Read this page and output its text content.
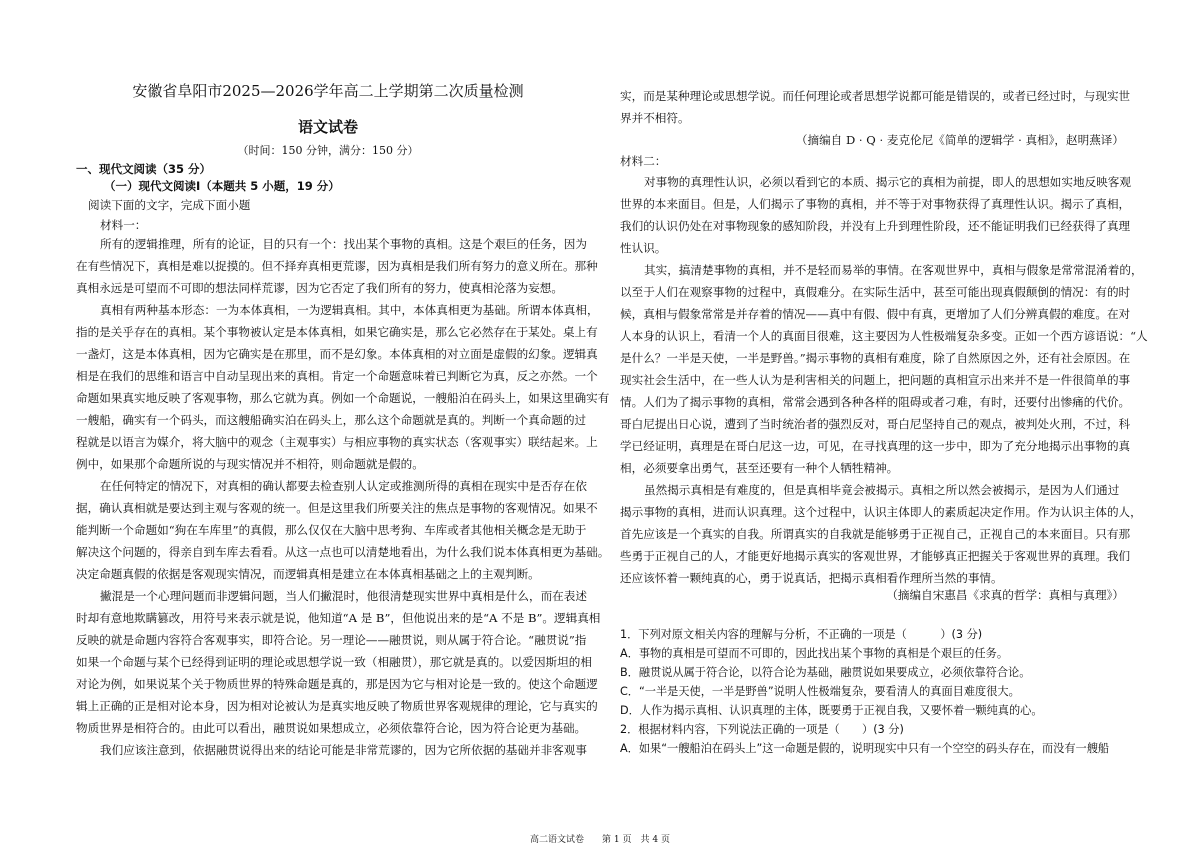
安徽省阜阳市2025—2026学年高二上学期第二次质量检测
语文试卷
（时间：150 分钟，满分：150 分）
一、现代文阅读（35 分）
（一）现代文阅读Ⅰ（本题共 5 小题，19 分）
阅读下面的文字，完成下面小题
材料一：
所有的逻辑推理，所有的论证，目的只有一个：找出某个事物的真相。这是个艰巨的任务，因为
在有些情况下，真相是难以捉摸的。但不择弃真相更荒谬，因为真相是我们所有努力的意义所在。那种
真相永远是可望而不可即的想法同样荒谬，因为它否定了我们所有的努力，使真相沦落为妄想。
真相有两种基本形态：一为本体真相，一为逻辑真相。其中，本体真相更为基础。所谓本体真相，
指的是关乎存在的真相。某个事物被认定是本体真相，如果它确实是，那么它必然存在于某处。桌上有
一盏灯，这是本体真相，因为它确实是在那里，而不是幻象。本体真相的对立面是虚假的幻象。逻辑真
相是在我们的思维和语言中自动呈现出来的真相。肯定一个命题意味着已判断它为真，反之亦然。一个
命题如果真实地反映了客观事物，那么它就为真。例如一个命题说，一艘船泊在码头上，如果这里确实有
一艘船，确实有一个码头，而这艘船确实泊在码头上，那么这个命题就是真的。判断一个真命题的过
程就是以语言为媒介，将大脑中的观念（主观事实）与相应事物的真实状态（客观事实）联结起来。上
例中，如果那个命题所说的与现实情况并不相符，则命题就是假的。
在任何特定的情况下，对真相的确认都要去检查别人认定或推测所得的真相在现实中是否存在依
据，确认真相就是要达到主观与客观的统一。但是这里我们所要关注的焦点是事物的客观情况。如果不
能判断一个命题如“狗在车库里”的真假，那么仅仅在大脑中思考狗、车库或者其他相关概念是无助于
解决这个问题的，得亲自到车库去看看。从这一点也可以清楚地看出，为什么我们说本体真相更为基础。
决定命题真假的依据是客观现实情况，而逻辑真相是建立在本体真相基础之上的主观判断。
撇混是一个心理问题而非逻辑问题，当人们撇混时，他很清楚现实世界中真相是什么，而在表述
时却有意地欺瞒篡改，用符号来表示就是说，他知道“A 是 B”，但他说出来的是“A 不是 B”。逻辑真相
反映的就是命题内容符合客观事实，即符合论。另一理论——融贯说，则从属于符合论。“融贯说”指
如果一个命题与某个已经得到证明的理论或思想学说一致（相融贯），那它就是真的。以爱因斯坦的相
对论为例，如果说某个关于物质世界的特殊命题是真的，那是因为它与相对论是一致的。使这个命题逻
辑上正确的正是相对论本身，因为相对论被认为是真实地反映了物质世界客观规律的理论，它与真实的
物质世界是相符合的。由此可以看出，融贯说如果想成立，必须依靠符合论，因为符合论更为基础。
我们应该注意到，依据融贯说得出来的结论可能是非常荒谬的，因为它所依据的基础并非客观事
实，而是某种理论或思想学说。而任何理论或者思想学说都可能是错误的，或者已经过时，与现实世
界并不相符。
（摘编自 D · Q · 麦克伦尼《简单的逻辑学 · 真相》，赵明燕译）
材料二：
对事物的真理性认识，必须以看到它的本质、揭示它的真相为前提，即人的思想如实地反映客观
世界的本来面目。但是，人们揭示了事物的真相，并不等于对事物获得了真理性认识。揭示了真相，
我们的认识仍处在对事物现象的感知阶段，并没有上升到理性阶段，还不能证明我们已经获得了真理
性认识。
其实，搞清楚事物的真相，并不是轻而易举的事情。在客观世界中，真相与假象是常常混淆着的，
以至于人们在观察事物的过程中，真假难分。在实际生活中，甚至可能出现真假颠倒的情况：有的时
候，真相与假象常常是并存着的情况——真中有假、假中有真，更增加了人们分辨真假的难度。在对
人本身的认识上，看清一个人的真面目很难，这主要因为人性极端复杂多变。正如一个西方谚语说：“人
是什么？一半是天使，一半是野兽。”揭示事物的真相有难度，除了自然原因之外，还有社会原因。在
现实社会生活中，在一些人认为是利害相关的问题上，把问题的真相宣示出来并不是一件很简单的事
情。人们为了揭示事物的真相，常常会遇到各种各样的阻碍或者刁难，有时，还要付出惨痛的代价。
哥白尼提出日心说，遭到了当时统治者的强烈反对，哥白尼坚持自己的观点，被判处火刑，不过，科
学已经证明，真理是在哥白尼这一边，可见，在寻找真理的这一步中，即为了充分地揭示出事物的真
相，必须要拿出勇气，甚至还要有一种个人牺牲精神。
虽然揭示真相是有难度的，但是真相毕竟会被揭示。真相之所以然会被揭示，是因为人们通过
揭示事物的真相，进而认识真理。这个过程中，认识主体即人的素质起决定作用。作为认识主体的人，
首先应该是一个真实的自我。所谓真实的自我就是能够勇于正视自己，正视自己的本来面目。只有那
些勇于正视自己的人，才能更好地揭示真实的客观世界，才能够真正把握关于客观世界的真理。我们
还应该怀着一颗纯真的心，勇于说真话，把揭示真相看作理所当然的事情。
（摘编自宋惠昌《求真的哲学：真相与真理》）
1．下列对原文相关内容的理解与分析，不正确的一项是（　　　）(3 分)
A．事物的真相是可望而不可即的，因此找出某个事物的真相是个艰巨的任务。
B．融贯说从属于符合论，以符合论为基础，融贯说如果要成立，必须依靠符合论。
C．“一半是天使，一半是野兽”说明人性极端复杂，要看清人的真面目难度很大。
D．人作为揭示真相、认识真理的主体，既要勇于正视自我，又要怀着一颗纯真的心。
2．根据材料内容，下列说法正确的一项是（　　）(3 分)
A．如果“一艘船泊在码头上”这一命题是假的，说明现实中只有一个空空的码头存在，而没有一艘船
高二语文试卷　　第 1 页　共 4 页
